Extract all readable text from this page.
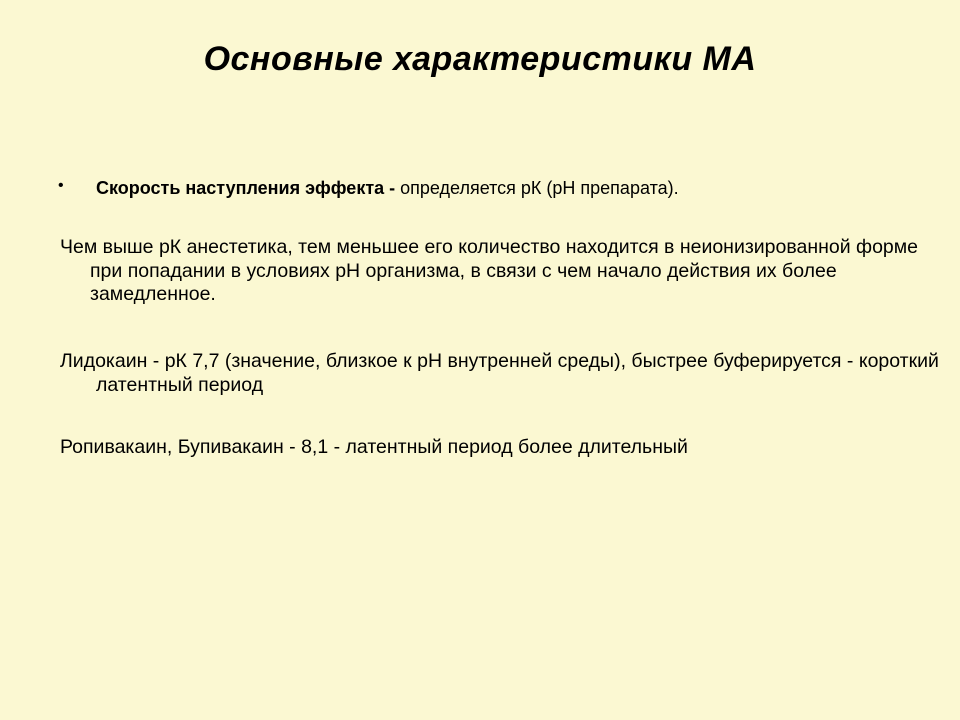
Основные характеристики МА
• Скорость наступления эффекта - определяется рК (рН препарата).
Чем выше рК анестетика, тем меньшее его количество находится в неионизированной форме при попадании в условиях рН организма, в связи с чем начало действия их более замедленное.
Лидокаин - рК 7,7 (значение, близкое к рН внутренней среды), быстрее буферируется - короткий латентный период
Ропивакаин, Бупивакаин - 8,1 - латентный период более длительный
